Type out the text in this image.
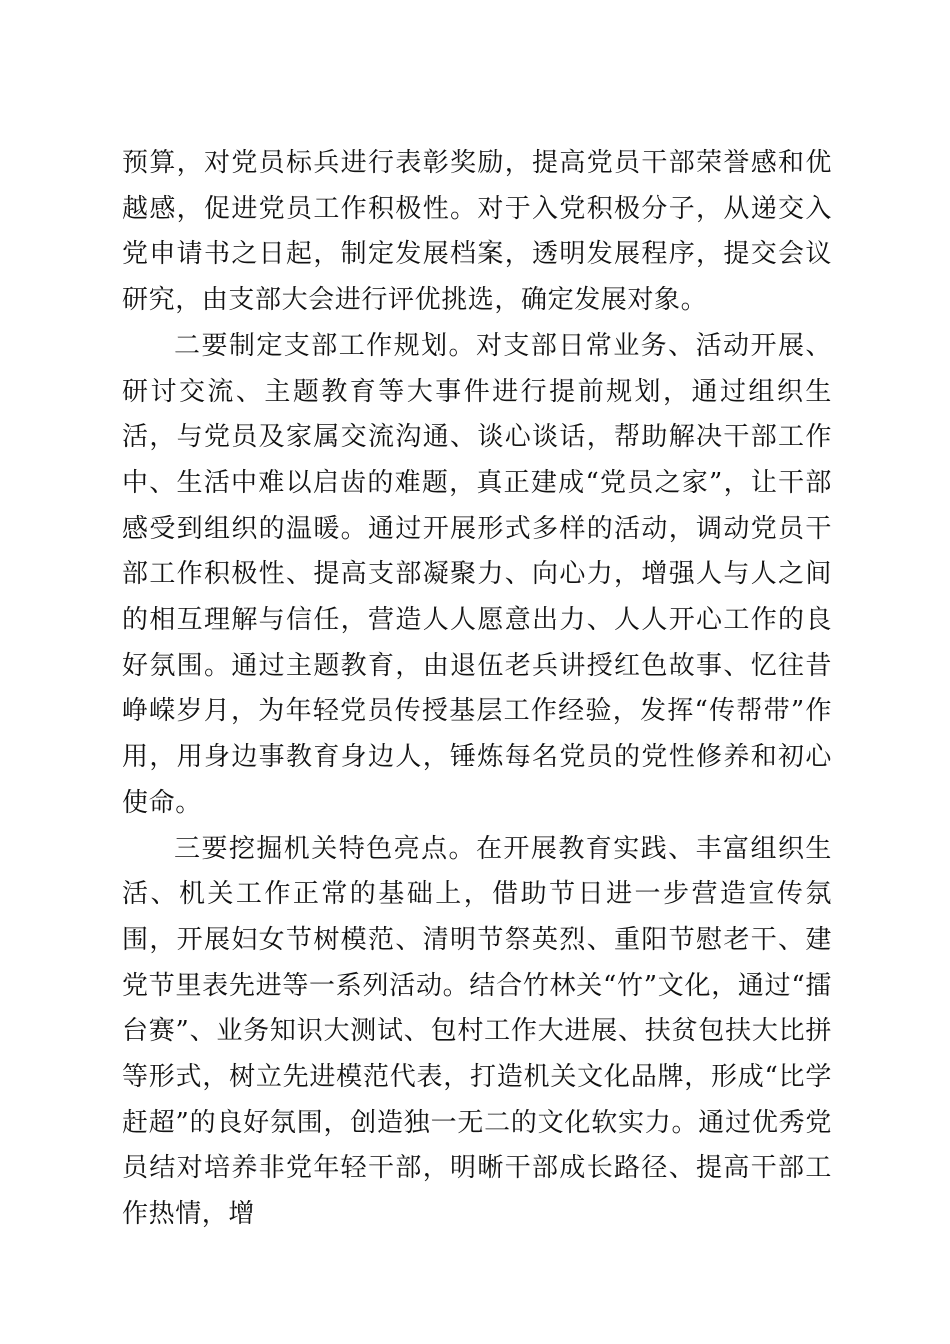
预算，对党员标兵进行表彰奖励，提高党员干部荣誉感和优越感，促进党员工作积极性。对于入党积极分子，从递交入党申请书之日起，制定发展档案，透明发展程序，提交会议研究，由支部大会进行评优挑选，确定发展对象。

二要制定支部工作规划。对支部日常业务、活动开展、研讨交流、主题教育等大事件进行提前规划，通过组织生活，与党员及家属交流沟通、谈心谈话，帮助解决干部工作中、生活中难以启齿的难题，真正建成“党员之家”，让干部感受到组织的温暖。通过开展形式多样的活动，调动党员干部工作积极性、提高支部凝聚力、向心力，增强人与人之间的相互理解与信任，营造人人愿意出力、人人开心工作的良好氛围。通过主题教育，由退伍老兵讲授红色故事、忆往昔峥嵘岁月，为年轻党员传授基层工作经验，发挥“传帮带”作用，用身边事教育身边人，锤炼每名党员的党性修养和初心使命。

三要挖掘机关特色亮点。在开展教育实践、丰富组织生活、机关工作正常的基础上，借助节日进一步营造宣传氛围，开展妇女节树模范、清明节祭英烈、重阳节慰老干、建党节里表先进等一系列活动。结合竹林关“竹”文化，通过“擂台赛”、业务知识大测试、包村工作大进展、扶贫包扶大比拼等形式，树立先进模范代表，打造机关文化品牌，形成“比学赶超”的良好氛围，创造独一无二的文化软实力。通过优秀党员结对培养非党年轻干部，明晰干部成长路径、提高干部工作热情，增
